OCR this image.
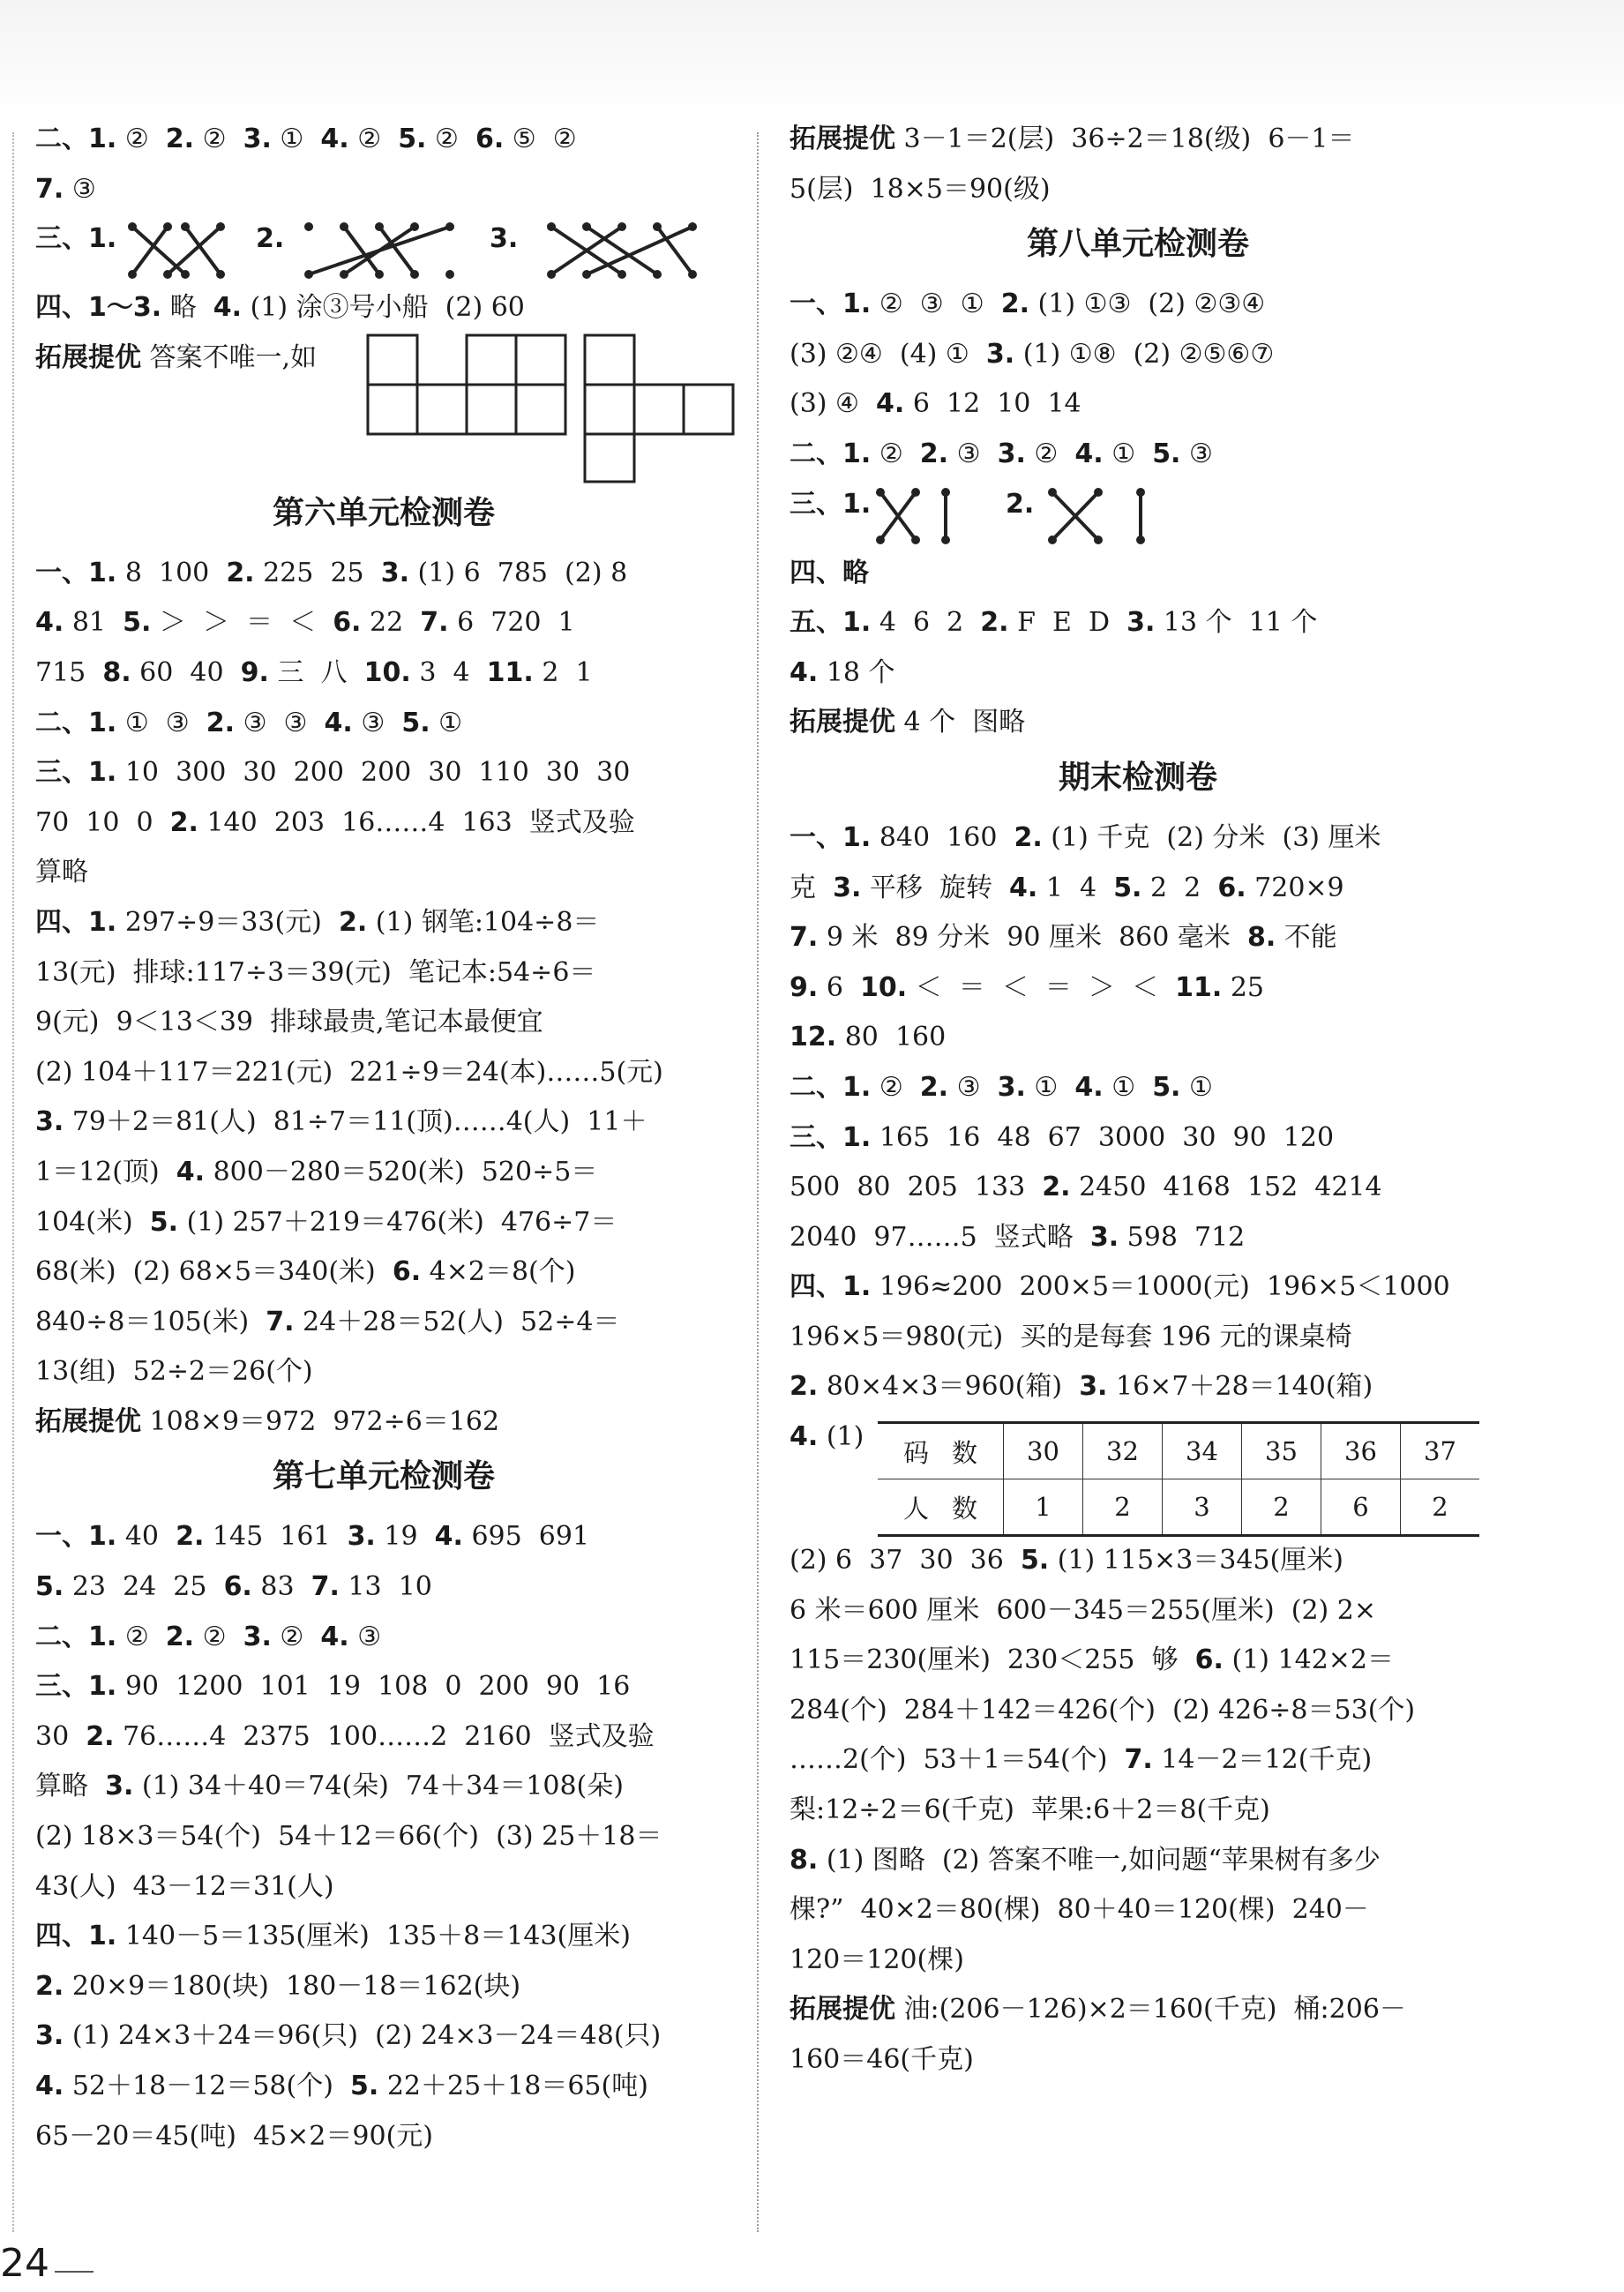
二、1. ②  2. ②  3. ①  4. ②  5. ②  6. ⑤  ②
7. ③
三、1.	2.	3.
四、1～3. 略  4. (1) 涂③号小船  (2) 60
拓展提优 答案不唯一,如
第六单元检测卷
一、1. 8  100  2. 225  25  3. (1) 6  785  (2) 8
4. 81  5. ＞  ＞  ＝  ＜  6. 22  7. 6  720  1
715  8. 60  40  9. 三  八  10. 3  4  11. 2  1
二、1. ①  ③  2. ③  ③  4. ③  5. ①
三、1. 10  300  30  200  200  30  110  30  30
70  10  0  2. 140  203  16……4  163  竖式及验
算略
四、1. 297÷9＝33(元)  2. (1) 钢笔:104÷8＝
13(元)  排球:117÷3＝39(元)  笔记本:54÷6＝
9(元)  9＜13＜39  排球最贵,笔记本最便宜
(2) 104＋117＝221(元)  221÷9＝24(本)……5(元)
3. 79＋2＝81(人)  81÷7＝11(顶)……4(人)  11＋
1＝12(顶)  4. 800－280＝520(米)  520÷5＝
104(米)  5. (1) 257＋219＝476(米)  476÷7＝
68(米)  (2) 68×5＝340(米)  6. 4×2＝8(个)
840÷8＝105(米)  7. 24＋28＝52(人)  52÷4＝
13(组)  52÷2＝26(个)
拓展提优 108×9＝972  972÷6＝162
第七单元检测卷
一、1. 40  2. 145  161  3. 19  4. 695  691
5. 23  24  25  6. 83  7. 13  10
二、1. ②  2. ②  3. ②  4. ③
三、1. 90  1200  101  19  108  0  200  90  16
30  2. 76……4  2375  100……2  2160  竖式及验
算略  3. (1) 34＋40＝74(朵)  74＋34＝108(朵)
(2) 18×3＝54(个)  54＋12＝66(个)  (3) 25＋18＝
43(人)  43－12＝31(人)
四、1. 140－5＝135(厘米)  135＋8＝143(厘米)
2. 20×9＝180(块)  180－18＝162(块)
3. (1) 24×3＋24＝96(只)  (2) 24×3－24＝48(只)
4. 52＋18－12＝58(个)  5. 22＋25＋18＝65(吨)
65－20＝45(吨)  45×2＝90(元)
拓展提优 3－1＝2(层)  36÷2＝18(级)  6－1＝
5(层)  18×5＝90(级)
第八单元检测卷
一、1. ②  ③  ①  2. (1) ①③  (2) ②③④
(3) ②④  (4) ①  3. (1) ①⑧  (2) ②⑤⑥⑦
(3) ④  4. 6  12  10  14
二、1. ②  2. ③  3. ②  4. ①  5. ③
三、1.	2.
四、略
五、1. 4  6  2  2. F  E  D  3. 13 个  11 个
4. 18 个
拓展提优 4 个  图略
期末检测卷
一、1. 840  160  2. (1) 千克  (2) 分米  (3) 厘米
克  3. 平移  旋转  4. 1  4  5. 2  2  6. 720×9
7. 9 米  89 分米  90 厘米  860 毫米  8. 不能
9. 6  10. ＜  ＝  ＜  ＝  ＞  ＜  11. 25
12. 80  160
二、1. ②  2. ③  3. ①  4. ①  5. ①
三、1. 165  16  48  67  3000  30  90  120
500  80  205  133  2. 2450  4168  152  4214
2040  97……5  竖式略  3. 598  712
四、1. 196≈200  200×5＝1000(元)  196×5＜1000
196×5＝980(元)  买的是每套 196 元的课桌椅
2. 80×4×3＝960(箱)  3. 16×7＋28＝140(箱)
4. (1)
码数	30	32	34	35	36	37
人数	1	2	3	2	6	2
(2) 6  37  30  36  5. (1) 115×3＝345(厘米)
6 米＝600 厘米  600－345＝255(厘米)  (2) 2×
115＝230(厘米)  230＜255  够  6. (1) 142×2＝
284(个)  284＋142＝426(个)  (2) 426÷8＝53(个)
……2(个)  53＋1＝54(个)  7. 14－2＝12(千克)
梨:12÷2＝6(千克)  苹果:6＋2＝8(千克)
8. (1) 图略  (2) 答案不唯一,如问题“苹果树有多少
棵?”  40×2＝80(棵)  80＋40＝120(棵)  240－
120＝120(棵)
拓展提优 油:(206－126)×2＝160(千克)  桶:206－
160＝46(千克)
24
